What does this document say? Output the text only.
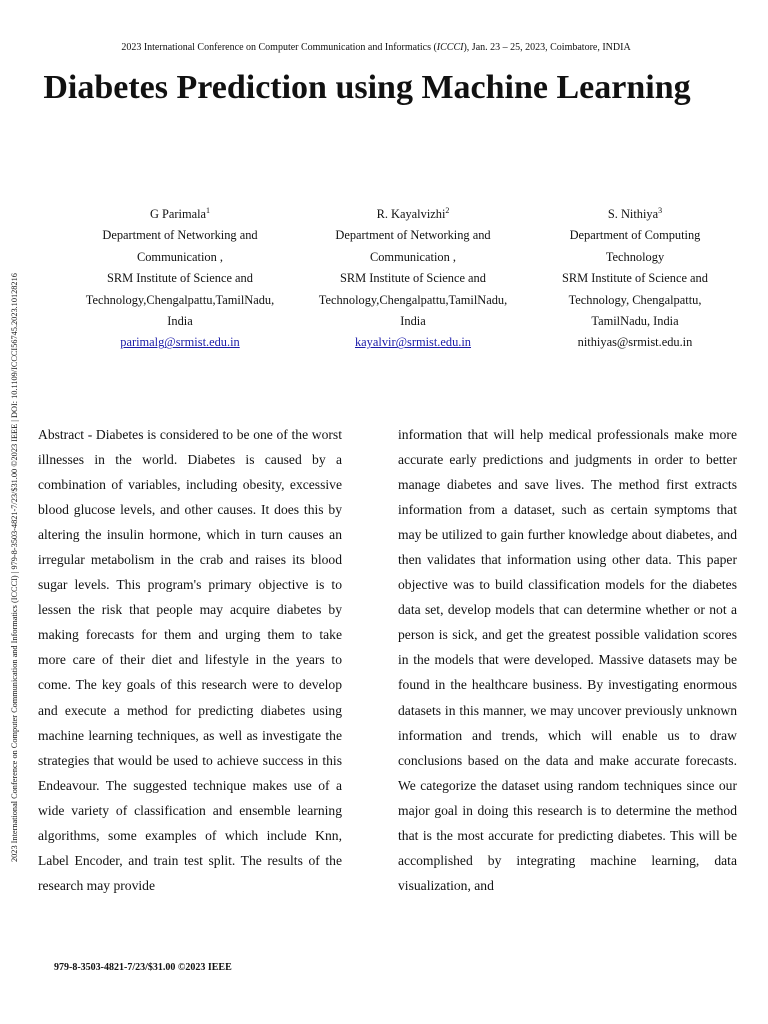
2023 International Conference on Computer Communication and Informatics (ICCCI)| 979-8-3503-4821-7/23/$31.00 ©2023 IEEE| DOI: 10.1109/ICCCI56745.2023.10128216
2023 International Conference on Computer Communication and Informatics (ICCCI), Jan. 23 – 25, 2023, Coimbatore, INDIA
Diabetes Prediction using Machine Learning
G Parimala$^1$
Department of Networking and
Communication ,
SRM Institute of Science and
Technology,Chengalpattu,TamilNadu,
India
parimalg@srmist.edu.in
R. Kayalvizhi$^2$
Department of Networking and
Communication ,
SRM Institute of Science and
Technology,Chengalpattu,TamilNadu,
India
kayalvir@srmist.edu.in
S. Nithiya$^3$
Department of Computing
Technology
SRM Institute of Science and
Technology, Chengalpattu,
TamilNadu, India
nithiyas@srmist.edu.in

Abstract - Diabetes is considered to be one of the worst illnesses in the world. Diabetes is caused by a combination of variables, including obesity, excessive blood glucose levels, and other causes. It does this by altering the insulin hormone, which in turn causes an irregular metabolism in the crab and raises its blood sugar levels. This program's primary objective is to lessen the risk that people may acquire diabetes by making forecasts for them and urging them to take more care of their diet and lifestyle in the years to come. The key goals of this research were to develop and execute a method for predicting diabetes using machine learning techniques, as well as investigate the strategies that would be used to achieve success in this Endeavour. The suggested technique makes use of a wide variety of classification and ensemble learning algorithms, some examples of which include Knn, Label Encoder, and train test split. The results of the research may provide

information that will help medical professionals make more accurate early predictions and judgments in order to better manage diabetes and save lives. The method first extracts information from a dataset, such as certain symptoms that may be utilized to gain further knowledge about diabetes, and then validates that information using other data. This paper objective was to build classification models for the diabetes data set, develop models that can determine whether or not a person is sick, and get the greatest possible validation scores in the models that were developed. Massive datasets may be found in the healthcare business. By investigating enormous datasets in this manner, we may uncover previously unknown information and trends, which will enable us to draw conclusions based on the data and make accurate forecasts. We categorize the dataset using random techniques since our major goal in doing this research is to determine the method that is the most accurate for predicting diabetes. This will be accomplished by integrating machine learning, data visualization, and

979-8-3503-4821-7/23/$31.00 ©2023 IEEE
